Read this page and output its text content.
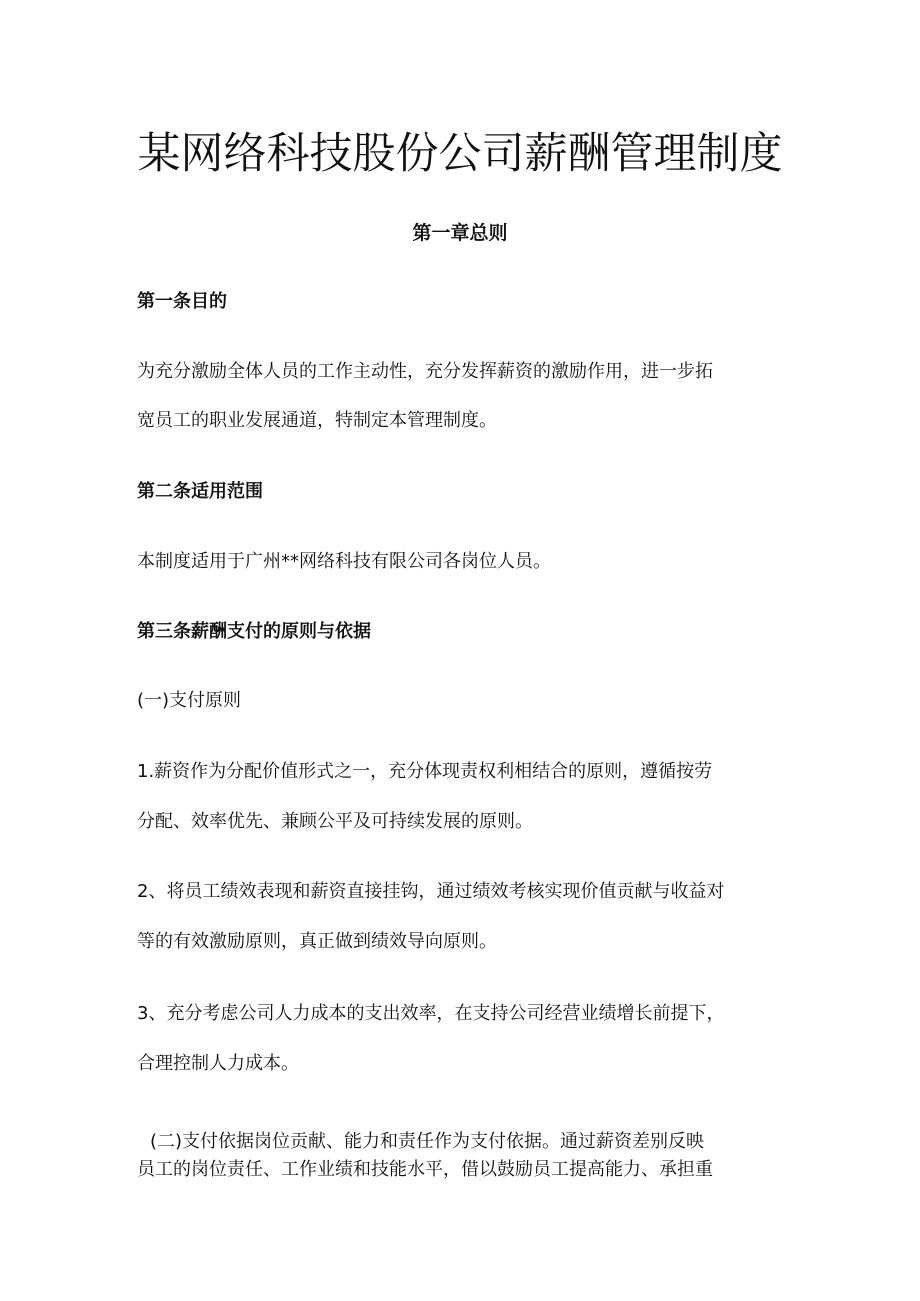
某网络科技股份公司薪酬管理制度
第一章总则
第一条目的
为充分激励全体人员的工作主动性，充分发挥薪资的激励作用，进一步拓
宽员工的职业发展通道，特制定本管理制度。
第二条适用范围
本制度适用于广州**网络科技有限公司各岗位人员。
第三条薪酬支付的原则与依据
(一)支付原则
1.薪资作为分配价值形式之一，充分体现责权利相结合的原则，遵循按劳
分配、效率优先、兼顾公平及可持续发展的原则。
2、将员工绩效表现和薪资直接挂钩，通过绩效考核实现价值贡献与收益对
等的有效激励原则，真正做到绩效导向原则。
3、充分考虑公司人力成本的支出效率，在支持公司经营业绩增长前提下，
合理控制人力成本。
(二)支付依据岗位贡献、能力和责任作为支付依据。通过薪资差别反映
员工的岗位责任、工作业绩和技能水平，借以鼓励员工提高能力、承担重
